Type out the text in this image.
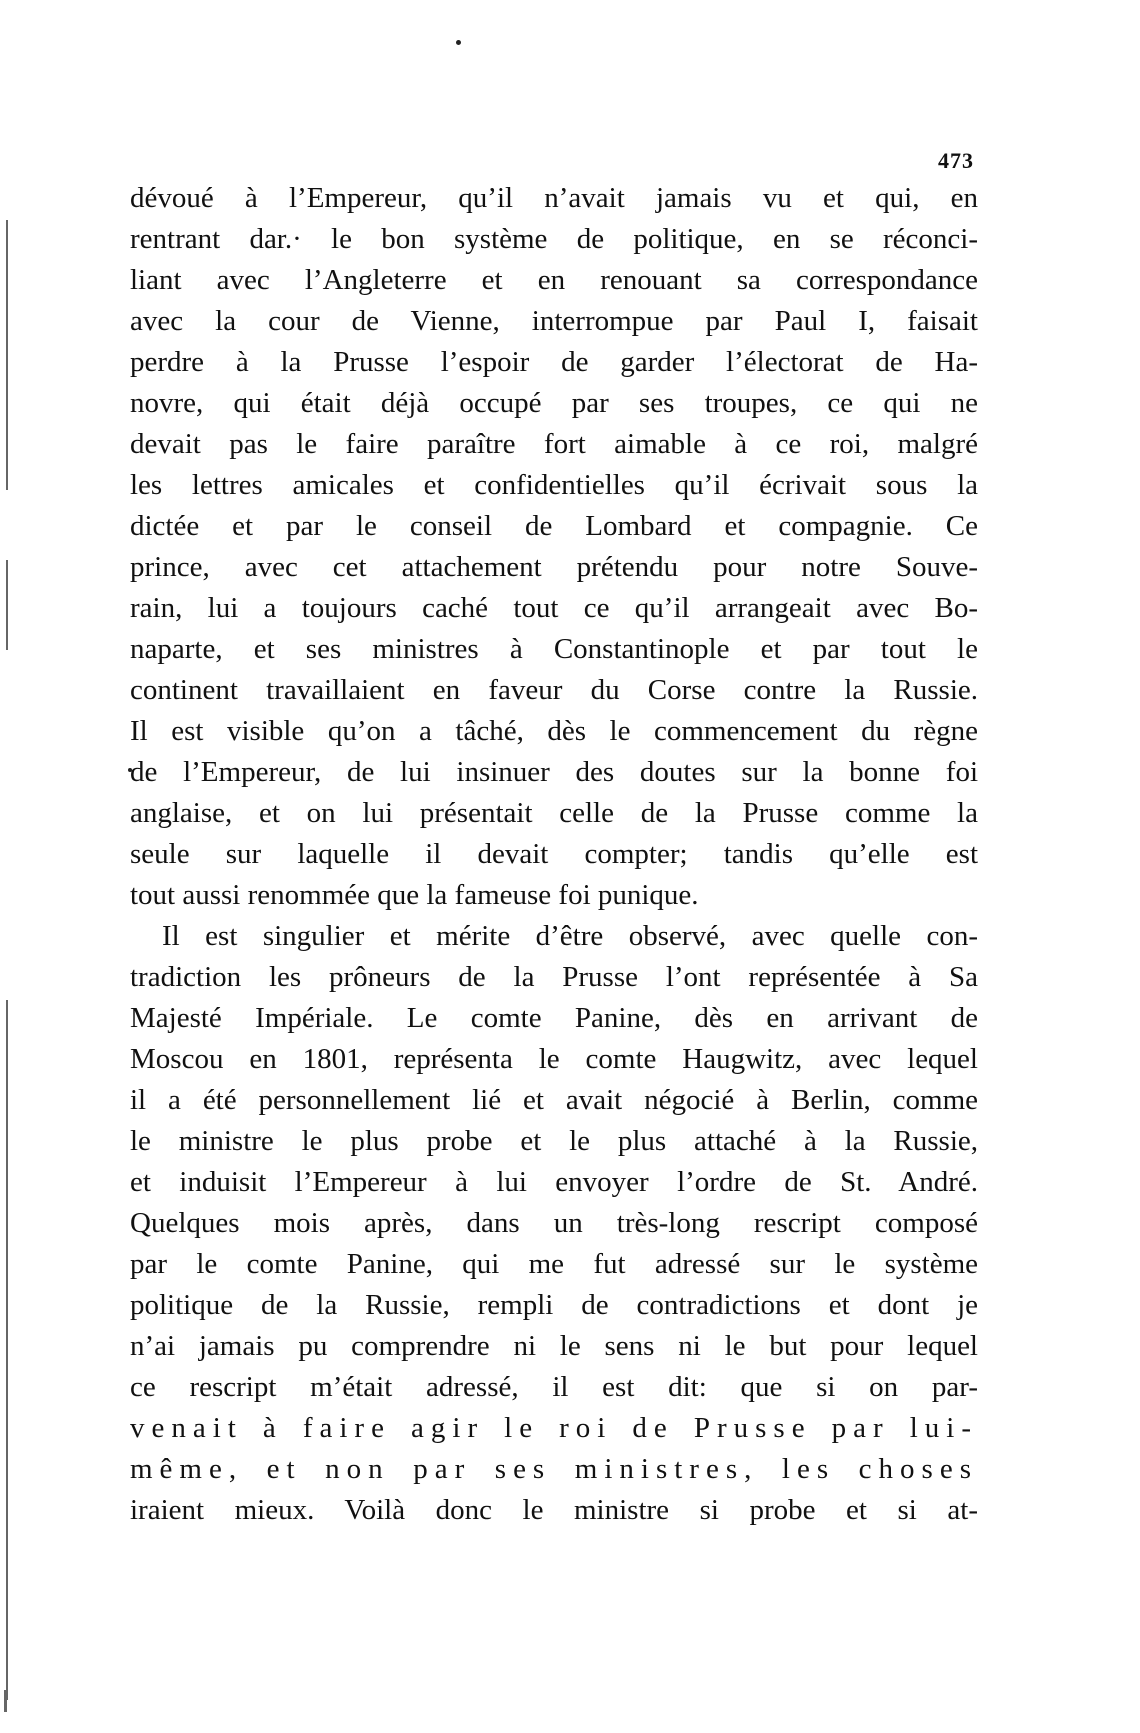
473
dévoué à l’Empereur, qu’il n’avait jamais vu et qui, en
rentrant dar.· le bon système de politique, en se réconci-
liant avec l’Angleterre et en renouant sa correspondance
avec la cour de Vienne, interrompue par Paul I, faisait
perdre à la Prusse l’espoir de garder l’électorat de Ha-
novre, qui était déjà occupé par ses troupes, ce qui ne
devait pas le faire paraître fort aimable à ce roi, malgré
les lettres amicales et confidentielles qu’il écrivait sous la
dictée et par le conseil de Lombard et compagnie. Ce
prince, avec cet attachement prétendu pour notre Souve-
rain, lui a toujours caché tout ce qu’il arrangeait avec Bo-
naparte, et ses ministres à Constantinople et par tout le
continent travaillaient en faveur du Corse contre la Russie.
Il est visible qu’on a tâché, dès le commencement du règne
de l’Empereur, de lui insinuer des doutes sur la bonne foi
anglaise, et on lui présentait celle de la Prusse comme la
seule sur laquelle il devait compter; tandis qu’elle est
tout aussi renommée que la fameuse foi punique.
Il est singulier et mérite d’être observé, avec quelle con-
tradiction les prôneurs de la Prusse l’ont représentée à Sa
Majesté Impériale. Le comte Panine, dès en arrivant de
Moscou en 1801, représenta le comte Haugwitz, avec lequel
il a été personnellement lié et avait négocié à Berlin, comme
le ministre le plus probe et le plus attaché à la Russie,
et induisit l’Empereur à lui envoyer l’ordre de St. André.
Quelques mois après, dans un très-long rescript composé
par le comte Panine, qui me fut adressé sur le système
politique de la Russie, rempli de contradictions et dont je
n’ai jamais pu comprendre ni le sens ni le but pour lequel
ce rescript m’était adressé, il est dit: que si on par-
venait à faire agir le roi de Prusse par lui-
même, et non par ses ministres, les choses
iraient mieux. Voilà donc le ministre si probe et si at-
